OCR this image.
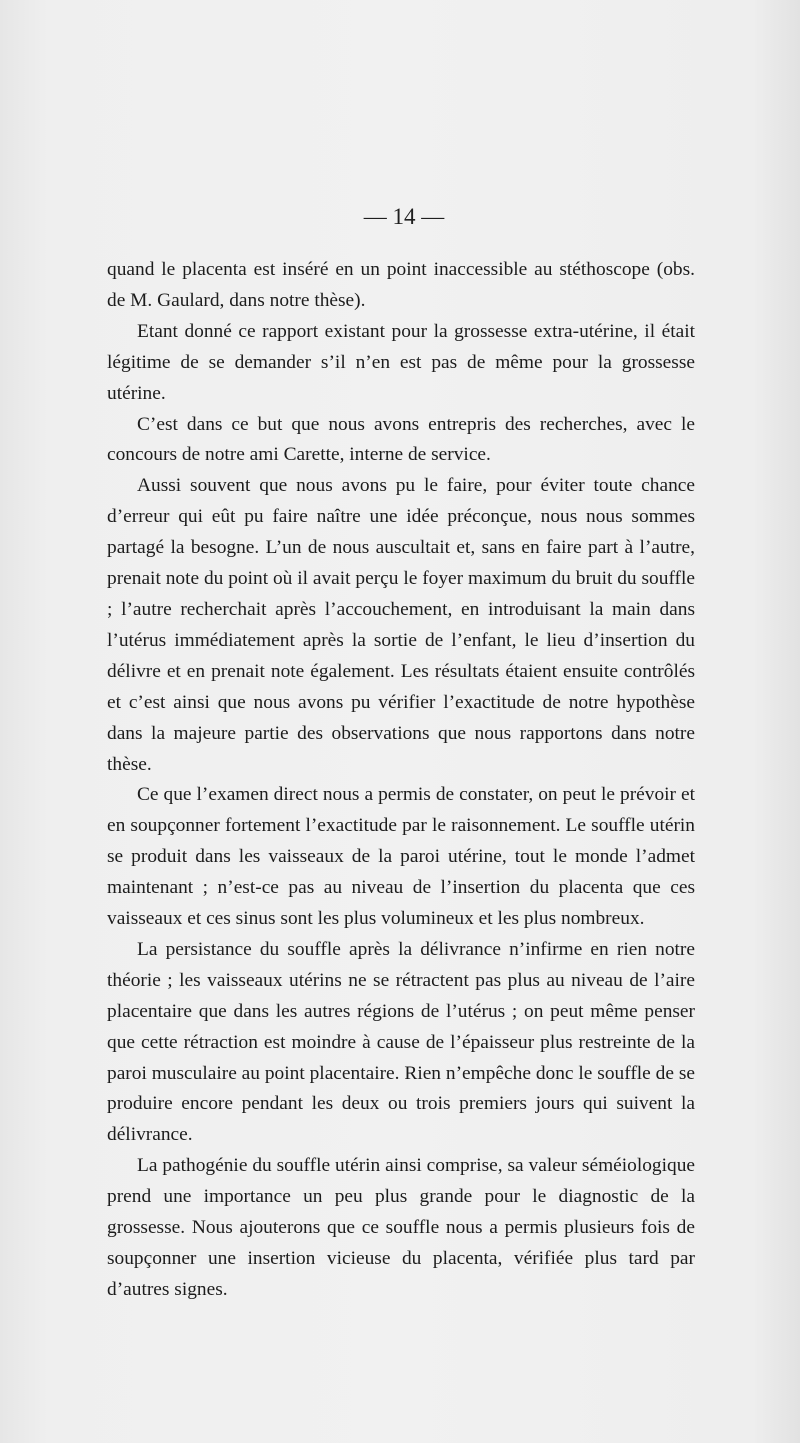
— 14 —

quand le placenta est inséré en un point inaccessible au stéthoscope (obs. de M. Gaulard, dans notre thèse).

Etant donné ce rapport existant pour la grossesse extra-utérine, il était légitime de se demander s’il n’en est pas de même pour la grossesse utérine.

C’est dans ce but que nous avons entrepris des recherches, avec le concours de notre ami Carette, interne de service.

Aussi souvent que nous avons pu le faire, pour éviter toute chance d’erreur qui eût pu faire naître une idée préconçue, nous nous sommes partagé la besogne. L’un de nous auscultait et, sans en faire part à l’autre, prenait note du point où il avait perçu le foyer maximum du bruit du souffle ; l’autre recherchait après l’accouchement, en introduisant la main dans l’utérus immédiatement après la sortie de l’enfant, le lieu d’insertion du délivre et en prenait note également. Les résultats étaient ensuite contrôlés et c’est ainsi que nous avons pu vérifier l’exactitude de notre hypothèse dans la majeure partie des observations que nous rapportons dans notre thèse.

Ce que l’examen direct nous a permis de constater, on peut le prévoir et en soupçonner fortement l’exactitude par le raisonnement. Le souffle utérin se produit dans les vaisseaux de la paroi utérine, tout le monde l’admet maintenant ; n’est-ce pas au niveau de l’insertion du placenta que ces vaisseaux et ces sinus sont les plus volumineux et les plus nombreux.

La persistance du souffle après la délivrance n’infirme en rien notre théorie ; les vaisseaux utérins ne se rétractent pas plus au niveau de l’aire placentaire que dans les autres régions de l’utérus ; on peut même penser que cette rétraction est moindre à cause de l’épaisseur plus restreinte de la paroi musculaire au point placentaire. Rien n’empêche donc le souffle de se produire encore pendant les deux ou trois premiers jours qui suivent la délivrance.

La pathogénie du souffle utérin ainsi comprise, sa valeur séméiologique prend une importance un peu plus grande pour le diagnostic de la grossesse. Nous ajouterons que ce souffle nous a permis plusieurs fois de soupçonner une insertion vicieuse du placenta, vérifiée plus tard par d’autres signes.
